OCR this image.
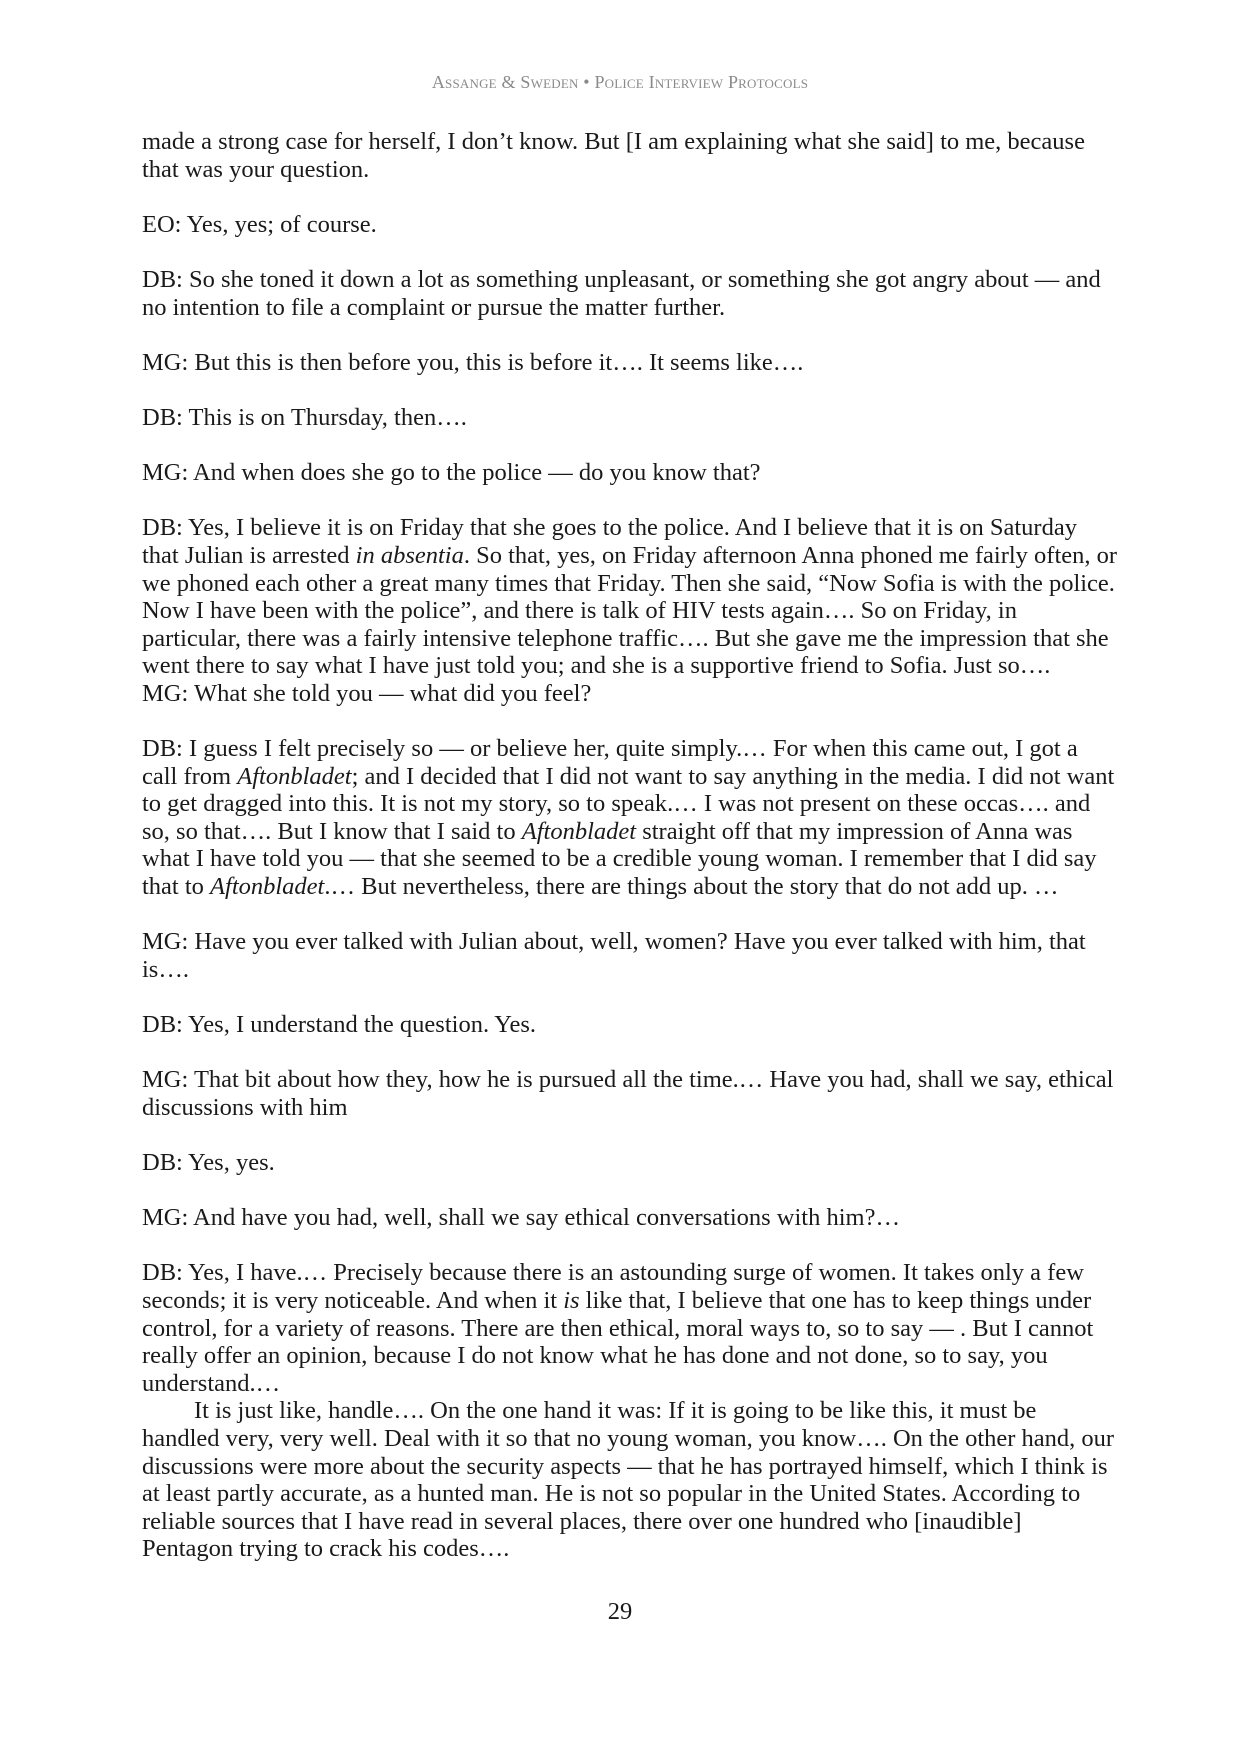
Assange & Sweden • Police Interview Protocols

made a strong case for herself, I don’t know. But [I am explaining what she said] to me, because that was your question.

EO: Yes, yes; of course.

DB: So she toned it down a lot as something unpleasant, or something she got angry about — and no intention to file a complaint or pursue the matter further.

MG: But this is then before you, this is before it…. It seems like….

DB: This is on Thursday, then….

MG: And when does she go to the police — do you know that?

DB: Yes, I believe it is on Friday that she goes to the police. And I believe that it is on Saturday that Julian is arrested in absentia. So that, yes, on Friday afternoon Anna phoned me fairly often, or we phoned each other a great many times that Friday. Then she said, “Now Sofia is with the police. Now I have been with the police”, and there is talk of HIV tests again…. So on Friday, in particular, there was a fairly intensive telephone traffic…. But she gave me the impression that she went there to say what I have just told you; and she is a supportive friend to Sofia. Just so….

MG: What she told you — what did you feel?

DB: I guess I felt precisely so — or believe her, quite simply.… For when this came out, I got a call from Aftonbladet; and I decided that I did not want to say anything in the media. I did not want to get dragged into this. It is not my story, so to speak.… I was not present on these occas…. and so, so that…. But I know that I said to Aftonbladet straight off that my impression of Anna was what I have told you — that she seemed to be a credible young woman. I remember that I did say that to Aftonbladet.… But nevertheless, there are things about the story that do not add up. …

MG: Have you ever talked with Julian about, well, women? Have you ever talked with him, that is….

DB: Yes, I understand the question. Yes.

MG: That bit about how they, how he is pursued all the time.… Have you had, shall we say, ethical discussions with him

DB: Yes, yes.

MG: And have you had, well, shall we say ethical conversations with him?…

DB: Yes, I have.… Precisely because there is an astounding surge of women. It takes only a few seconds; it is very noticeable. And when it is like that, I believe that one has to keep things under control, for a variety of reasons. There are then ethical, moral ways to, so to say — . But I cannot really offer an opinion, because I do not know what he has done and not done, so to say, you understand.…

It is just like, handle…. On the one hand it was: If it is going to be like this, it must be handled very, very well. Deal with it so that no young woman, you know…. On the other hand, our discussions were more about the security aspects — that he has portrayed himself, which I think is at least partly accurate, as a hunted man. He is not so popular in the United States. According to reliable sources that I have read in several places, there over one hundred who [inaudible] Pentagon trying to crack his codes….

29
